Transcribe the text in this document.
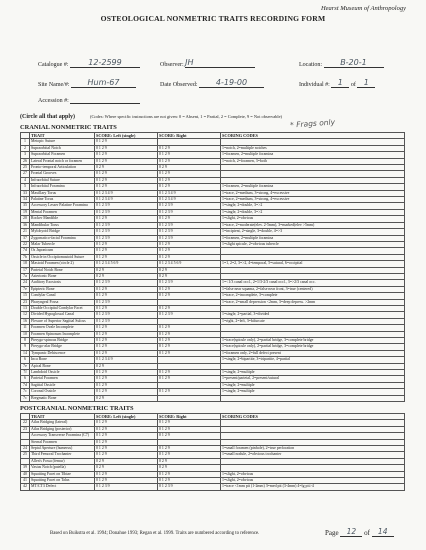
Hearst Museum of Anthropology
OSTEOLOGICAL NONMETRIC TRAITS RECORDING FORM
Catalogue #: 12-2599	Observer: JH	Location: B-20-1
Site Name/#: Hum-67	Date Observed: 4-19-00	Individual #: 1 of 1
Accession #:
(Circle all that apply)	(Codes: Where specific instructions are not given: 0 = Absent, 1 = Partial, 2 = Complete, 9 = Not observable)
* Frags only
CRANIAL NONMETRIC TRAITS
	TRAIT	SCORE: Left (single)	SCORE: Right	SCORING CODES
1	Metopic Suture	0 1 2 9		
2	Supraorbital Notch	0 1 2 9	0 1 2 9	1=notch, 2=multiple notches
3	Supraorbital Foramen	0 1 2 9	0 1 2 9	1=foramen, 2=multiple foramina
26	Lateral Frontal notch or foramen	0 1 2 9	0 1 2 9	1=notch, 2=foramen, 3=both
25	Fronto-temporal Articulation	0 2 9	0 2 9	
27	Frontal Grooves	0 1 2 9	0 1 2 9	
4	Infraorbital Suture	0 1 2 9	0 1 2 9	
5	Infraorbital Foramina	0 1 2 9	0 1 2 9	1=foramen, 2=multiple foramina
33	Maxillary Torus	0 1 2 3 4 9	0 1 2 3 4 9	1=trace, 2=medium, 3=strong, 4=excessive
34	Palatine Torus	0 1 2 3 4 9	0 1 2 3 4 9	1=trace, 2=medium, 3=strong, 4=excessive
35	Accessory Lesser Palatine Foramina	0 1 2 3 9	0 1 2 3 9	1=single, 2=double, 3=>2
19	Mental Foramen	0 1 2 3 9	0 1 2 3 9	1=single, 2=double, 3=>2
20	Rocker Mandible	0 1 2 9	0 1 2 9	1=slight, 2=obvious
36	Mandibular Torus	0 1 2 3 9	0 1 2 3 9	1=trace, 2=moderate(elev. 2-5mm), 3=marked(elev >5mm)
21	Mylohyoid Bridge	0 1 2 3 9	0 1 2 3 9	1=incipient, 2=single, 3=double, 4=>3
37	Zygomatico-facial Foramina	0 1 2 3 9	0 1 2 3 9	1=foramen, 2=multiple foramina
22	Malar Tubercle	0 1 2 9	0 1 2 9	1=slight spicule, 2=obvious tubercle
7d	Os Japonicum	0 1 2 9	0 1 2 9	
7b	Ossicle in Occipitomastoid Suture	0 1 2 9	0 1 2 9	
18	Mastoid Foramen (circle 2)	0 1 2 3 4 5 6 9	0 1 2 3 4 5 6 9	1=1, 2=2, 3=>2, 4=temporal, 5=sutural, 6=occipital
17	Parietal Notch Bone	0 2 9	0 2 9	
7a	Asterionic Bone	0 2 9	0 2 9	
24	Auditory Exostosis	0 1 2 3 9	0 1 2 3 9	1=<1/3 canal occl., 2=1/3-2/3 canal occl., 3=>2/3 canal occ.
7e	Epipteric Bone	0 1 2 9	0 1 2 9	1=false near squama, 2=false near front, 3=true (centered)
15	Condylar Canal	0 1 2 9	0 1 2 9	1=trace, 2=incomplete, 3=complete
23	Pharyngeal Fossa	0 1 2 3 9		1=trace, 2=small depression <2mm, 3=deep depress. >2mm
13	Double Occipital Condylar Facet	0 1 2 9	0 1 2 9	
12	Divided Hypoglossal Canal	0 1 2 3 9	0 1 2 3 9	1=single, 2=partial, 3=divided
16	Flexure of Superior Sagittal Sulcus	0 1 2 3 9		1=right, 2=left, 3=bifurcate
11	Foramen Ovale Incomplete	0 1 2 9	0 1 2 9	
10	Foramen Spinosum Incomplete	0 1 2 9	0 1 2 9	
8	Pterygo-spinous Bridge	0 1 2 9	0 1 2 9	1=trace(spicule only), 2=partial bridge, 3=complete bridge
9	Pterygo-alar Bridge	0 1 2 9	0 1 2 9	1=trace(spicule only), 2=partial bridge, 3=complete bridge
14	Tympanic Dehiscence	0 1 2 9	0 1 2 9	1=foramen only, 2=full defect present
6	Inca Bone	0 1 2 3 4 9		1=single, 2=bipartite, 3=tripartite, 4=partial
7e	Apical Bone	0 2 9		
7f	Lambdoid Ossicle	0 1 2 9	0 1 2 9	1=single, 2=multiple
6	Parietal Foramen	0 1 2 9	0 1 2 9	1=present/parietal, 2=present/sutural
7d	Sagittal Ossicle	0 1 2 9		1=single, 2=multiple
7c	Coronal Ossicle	0 1 2 9	0 1 2 9	1=single, 2=multiple
7c	Bregmatic Bone	0 2 9		
POSTCRANIAL NONMETRIC TRAITS
	TRAIT	SCORE: Left (single)	SCORE: Right	SCORING CODES
22	Atlas Bridging (lateral)	0 1 2 9	0 1 2 9	
23	Atlas Bridging (posterior)	0 1 2 9	0 1 2 9	
	Accessory Transverse Foramina (C7)	0 1 2 9	0 1 2 9	
	Sternal Foramen	0 1 2 9		
24	Septal Aperture (humerus)	0 1 2 9	0 1 2 9	1=small foramen (pinhole), 2=true perforation
25	Third Femoral Trochanter	0 1 2 9	0 1 2 9	1=small nodule, 2=obvious trochanter
	Allen's Fossa (femur)	0 2 9	0 2 9	
39	Vastus Notch (patella)	0 2 9	0 2 9	
40	Squatting Facet on Tibiae	0 1 2 9	0 1 2 9	1=slight, 2=obvious
41	Squatting Facet on Talus	0 1 2 9	0 1 2 9	1=slight, 2=obvious
42	MT/CT3 Defect	0 1 2 3 9	0 1 2 3 9	1=trace <1mm pit (1-2mm) 3=med pit (3-4mm) 4=lg pit>4
Based on Buikstra et al. 1994; Donahue 1993; Regan et al. 1999. Traits are numbered according to reference.	Page 12 of 14
